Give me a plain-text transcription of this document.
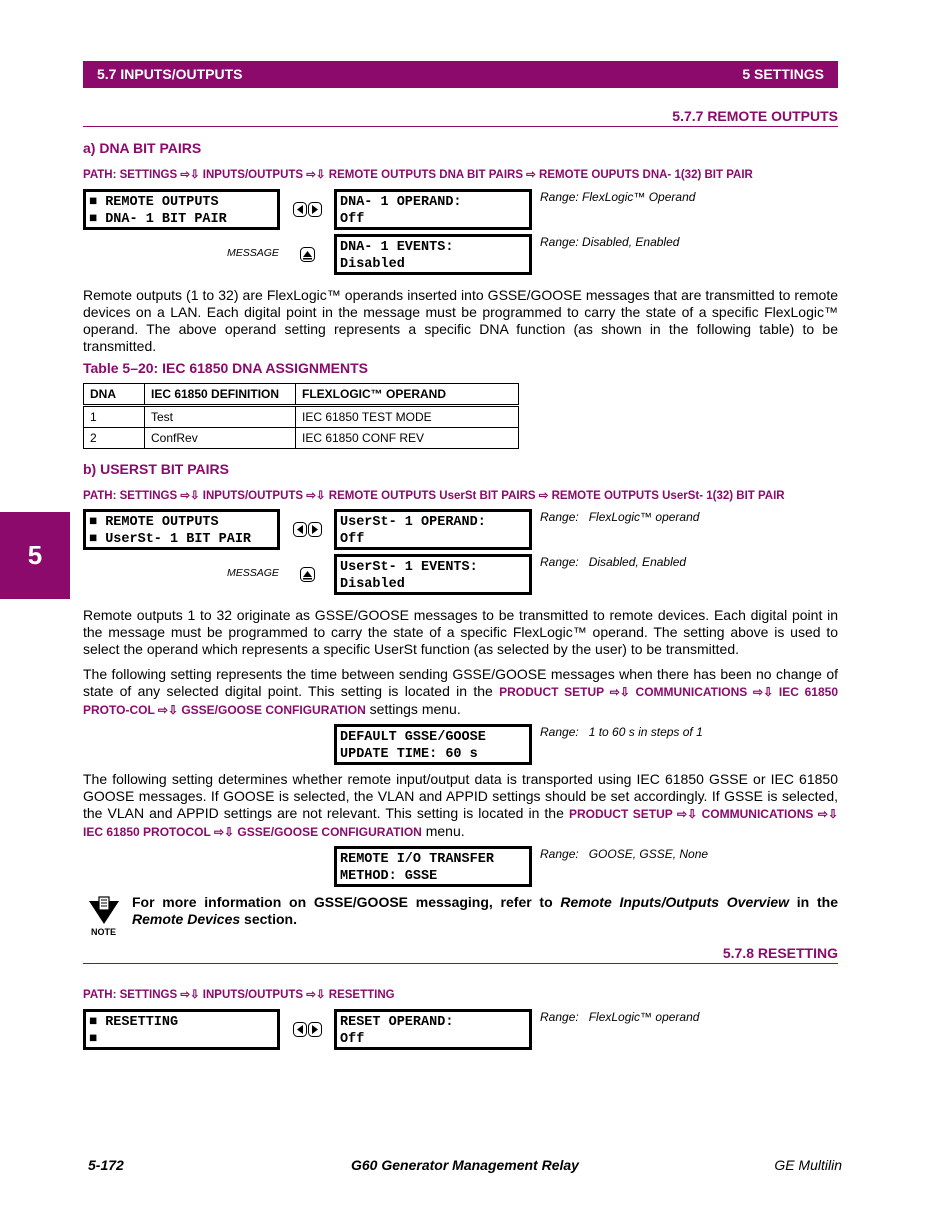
5.7 INPUTS/OUTPUTS	5 SETTINGS
5.7.7 REMOTE OUTPUTS
a) DNA BIT PAIRS
PATH: SETTINGS ⇨⇩ INPUTS/OUTPUTS ⇨⇩ REMOTE OUTPUTS DNA BIT PAIRS ⇨ REMOTE OUPUTS DNA- 1(32) BIT PAIR
■ REMOTE OUTPUTS
■ DNA- 1 BIT PAIR
DNA- 1 OPERAND:
Off
Range: FlexLogic™ Operand
MESSAGE	DNA- 1 EVENTS:
Disabled
Range: Disabled, Enabled
Remote outputs (1 to 32) are FlexLogic™ operands inserted into GSSE/GOOSE messages that are transmitted to remote devices on a LAN. Each digital point in the message must be programmed to carry the state of a specific FlexLogic™ operand. The above operand setting represents a specific DNA function (as shown in the following table) to be transmitted.
Table 5–20: IEC 61850 DNA ASSIGNMENTS
DNA	IEC 61850 DEFINITION	FLEXLOGIC™ OPERAND
1	Test	IEC 61850 TEST MODE
2	ConfRev	IEC 61850 CONF REV
b) USERST BIT PAIRS
PATH: SETTINGS ⇨⇩ INPUTS/OUTPUTS ⇨⇩ REMOTE OUTPUTS UserSt BIT PAIRS ⇨ REMOTE OUTPUTS UserSt- 1(32) BIT PAIR
5
■ REMOTE OUTPUTS
■ UserSt- 1 BIT PAIR
UserSt- 1 OPERAND:
Off
Range:   FlexLogic™ operand
MESSAGE	UserSt- 1 EVENTS:
Disabled
Range:   Disabled, Enabled
Remote outputs 1 to 32 originate as GSSE/GOOSE messages to be transmitted to remote devices. Each digital point in the message must be programmed to carry the state of a specific FlexLogic™ operand. The setting above is used to select the operand which represents a specific UserSt function (as selected by the user) to be transmitted.
The following setting represents the time between sending GSSE/GOOSE messages when there has been no change of state of any selected digital point. This setting is located in the PRODUCT SETUP ⇨⇩ COMMUNICATIONS ⇨⇩ IEC 61850 PROTO-COL ⇨⇩ GSSE/GOOSE CONFIGURATION settings menu.
DEFAULT GSSE/GOOSE
UPDATE TIME: 60 s
Range:   1 to 60 s in steps of 1
The following setting determines whether remote input/output data is transported using IEC 61850 GSSE or IEC 61850 GOOSE messages. If GOOSE is selected, the VLAN and APPID settings should be set accordingly. If GSSE is selected, the VLAN and APPID settings are not relevant. This setting is located in the PRODUCT SETUP ⇨⇩ COMMUNICATIONS ⇨⇩ IEC 61850 PROTOCOL ⇨⇩ GSSE/GOOSE CONFIGURATION menu.
REMOTE I/O TRANSFER
METHOD: GSSE
Range:   GOOSE, GSSE, None
NOTE
For more information on GSSE/GOOSE messaging, refer to Remote Inputs/Outputs Overview in the Remote Devices section.
5.7.8 RESETTING
PATH: SETTINGS ⇨⇩ INPUTS/OUTPUTS ⇨⇩ RESETTING
■ RESETTING
■
RESET OPERAND:
Off
Range:   FlexLogic™ operand
5-172	G60 Generator Management Relay	GE Multilin
